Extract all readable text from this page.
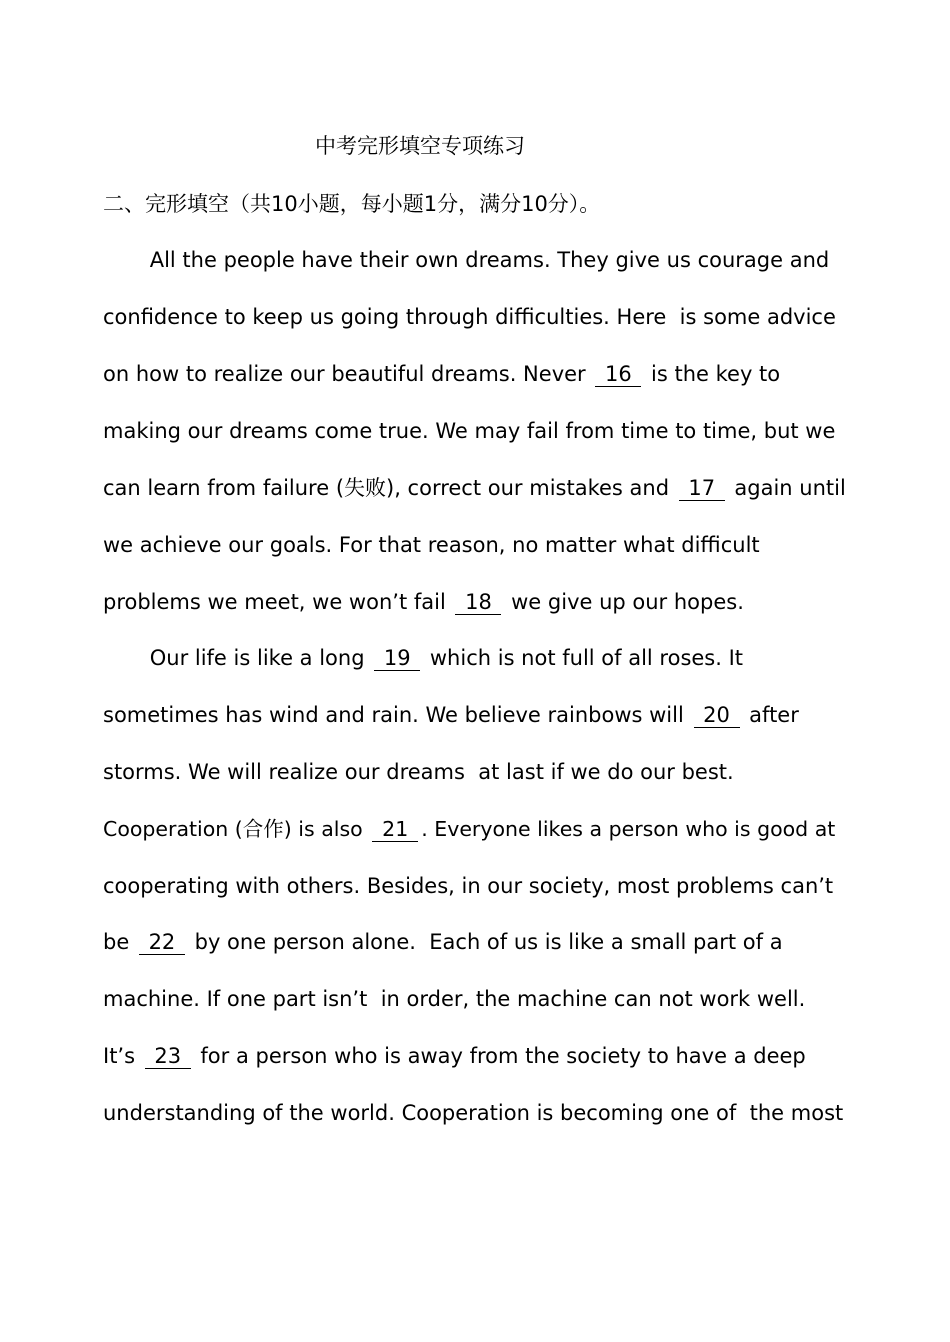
中考完形填空专项练习
二、完形填空（共10小题，每小题1分，满分10分）。
All the people have their own dreams. They give us courage and
confidence to keep us going through difficulties. Here  is some advice
on how to realize our beautiful dreams. Never 16 is the key to
making our dreams come true. We may fail from time to time, but we
can learn from failure (失败), correct our mistakes and 17 again until
we achieve our goals. For that reason, no matter what difficult
problems we meet, we won’t fail 18 we give up our hopes.
Our life is like a long 19 which is not full of all roses. It
sometimes has wind and rain. We believe rainbows will 20 after
storms. We will realize our dreams  at last if we do our best.
Cooperation (合作) is also 21 . Everyone likes a person who is good at
cooperating with others. Besides, in our society, most problems can’t
be 22 by one person alone.  Each of us is like a small part of a
machine. If one part isn’t  in order, the machine can not work well.
It’s 23 for a person who is away from the society to have a deep
understanding of the world. Cooperation is becoming one of  the most
